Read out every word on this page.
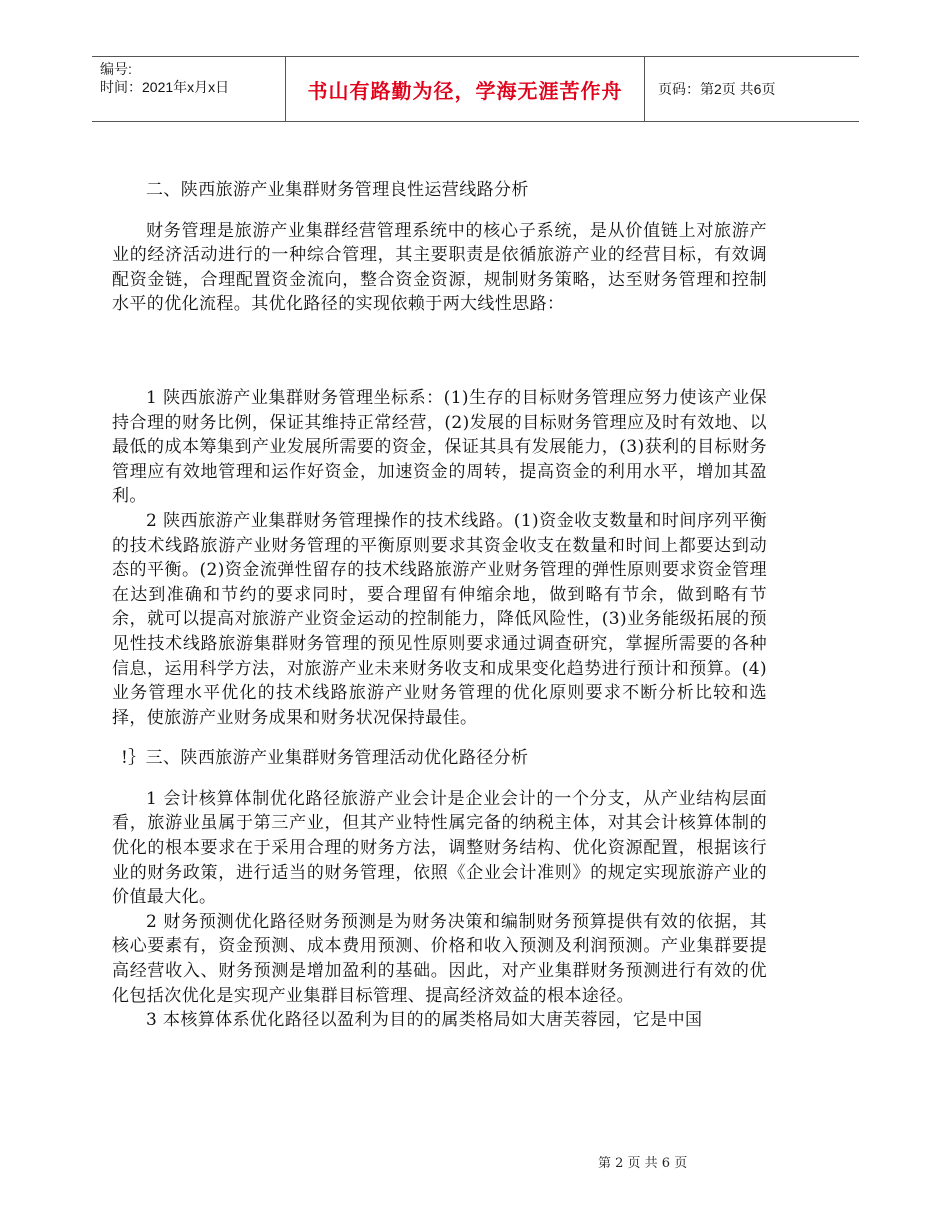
编号:
时间：2021年x月x日	书山有路勤为径，学海无涯苦作舟	页码：第2页 共6页

二、陕西旅游产业集群财务管理良性运营线路分析

财务管理是旅游产业集群经营管理系统中的核心子系统，是从价值链上对旅游产业的经济活动进行的一种综合管理，其主要职责是依循旅游产业的经营目标，有效调配资金链，合理配置资金流向，整合资金资源，规制财务策略，达至财务管理和控制水平的优化流程。其优化路径的实现依赖于两大线性思路：

1 陕西旅游产业集群财务管理坐标系：(1)生存的目标财务管理应努力使该产业保持合理的财务比例，保证其维持正常经营，(2)发展的目标财务管理应及时有效地、以最低的成本筹集到产业发展所需要的资金，保证其具有发展能力，(3)获利的目标财务管理应有效地管理和运作好资金，加速资金的周转，提高资金的利用水平，增加其盈利。

2 陕西旅游产业集群财务管理操作的技术线路。(1)资金收支数量和时间序列平衡的技术线路旅游产业财务管理的平衡原则要求其资金收支在数量和时间上都要达到动态的平衡。(2)资金流弹性留存的技术线路旅游产业财务管理的弹性原则要求资金管理在达到准确和节约的要求同时，要合理留有伸缩余地，做到略有节余，做到略有节余，就可以提高对旅游产业资金运动的控制能力，降低风险性，(3)业务能级拓展的预见性技术线路旅游集群财务管理的预见性原则要求通过调查研究，掌握所需要的各种信息，运用科学方法，对旅游产业未来财务收支和成果变化趋势进行预计和预算。(4)业务管理水平优化的技术线路旅游产业财务管理的优化原则要求不断分析比较和选择，使旅游产业财务成果和财务状况保持最佳。

!｝三、陕西旅游产业集群财务管理活动优化路径分析

1 会计核算体制优化路径旅游产业会计是企业会计的一个分支，从产业结构层面看，旅游业虽属于第三产业，但其产业特性属完备的纳税主体，对其会计核算体制的优化的根本要求在于采用合理的财务方法，调整财务结构、优化资源配置，根据该行业的财务政策，进行适当的财务管理，依照《企业会计准则》的规定实现旅游产业的价值最大化。

2 财务预测优化路径财务预测是为财务决策和编制财务预算提供有效的依据，其核心要素有，资金预测、成本费用预测、价格和收入预测及利润预测。产业集群要提高经营收入、财务预测是增加盈利的基础。因此，对产业集群财务预测进行有效的优化包括次优化是实现产业集群目标管理、提高经济效益的根本途径。

3 本核算体系优化路径以盈利为目的的属类格局如大唐芙蓉园，它是中国

第 2 页 共 6 页
